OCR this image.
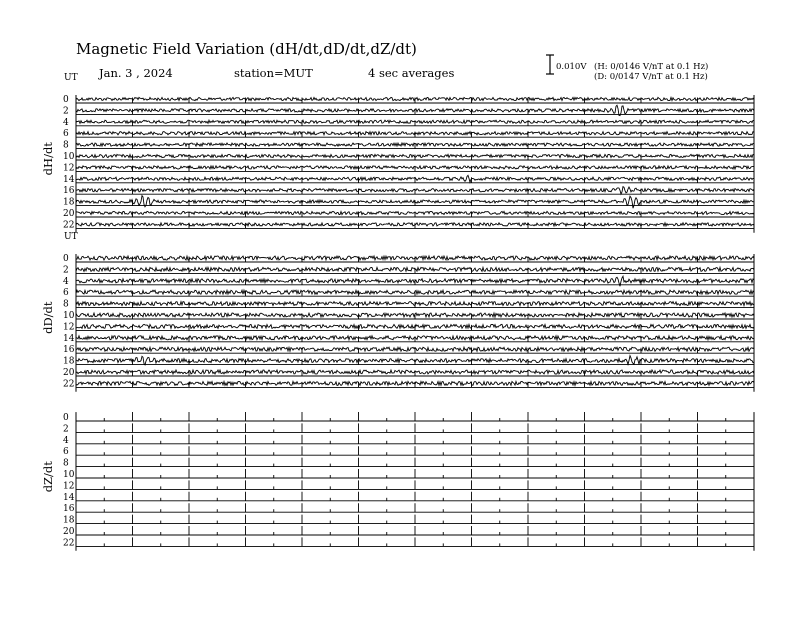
Magnetic Field Variation (dH/dt,dD/dt,dZ/dt)
Jan. 3 , 2024	station=MUT	4 sec averages	0.010V (H: 0/0146 V/nT at 0.1 Hz)
(D: 0/0147 V/nT at 0.1 Hz)
UT
dH/dt
0
2
4
6
8
10
12
14
16
18
20
22
UT
dD/dt
0
2
4
6
8
10
12
14
16
18
20
22
dZ/dt
0
2
4
6
8
10
12
14
16
18
20
22
